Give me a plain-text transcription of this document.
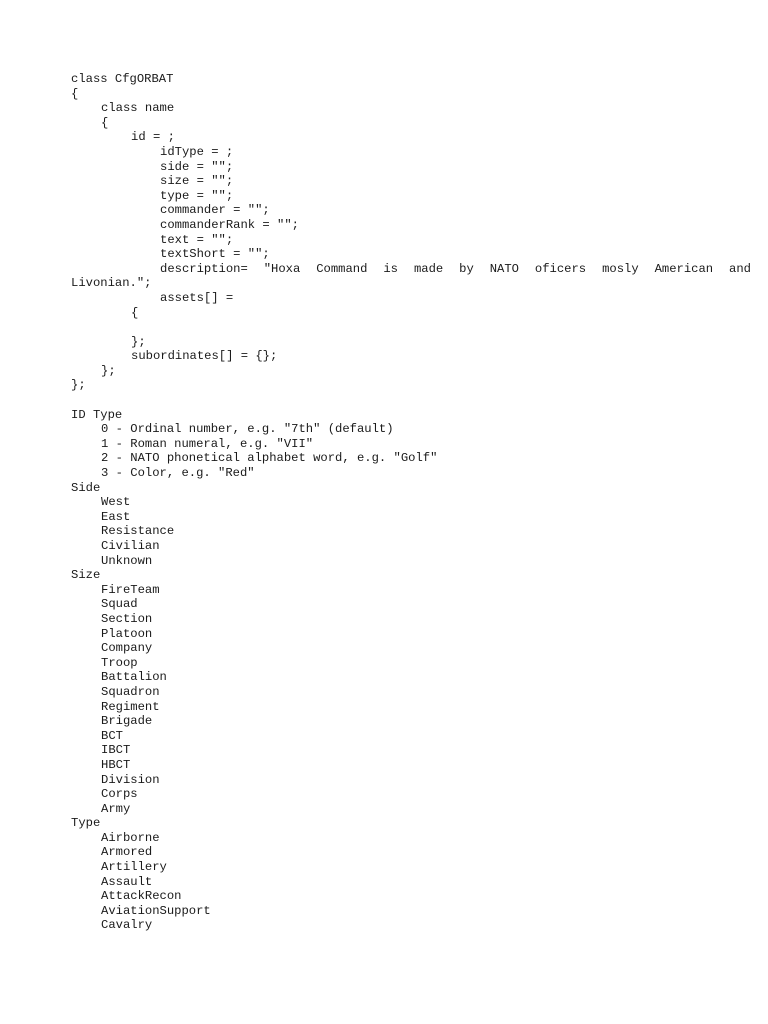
class CfgORBAT
{
class name
{
id = ;
idType = ;
side = "";
size = "";
type = "";
commander = "";
commanderRank = "";
text = "";
textShort = "";
description= "Hoxa Command is made by NATO oficers mosly American and Livonian.";
assets[] =
{
};
subordinates[] = {};
};
};
ID Type
0 - Ordinal number, e.g. "7th" (default)
1 - Roman numeral, e.g. "VII"
2 - NATO phonetical alphabet word, e.g. "Golf"
3 - Color, e.g. "Red"
Side
West
East
Resistance
Civilian
Unknown
Size
FireTeam
Squad
Section
Platoon
Company
Troop
Battalion
Squadron
Regiment
Brigade
BCT
IBCT
HBCT
Division
Corps
Army
Type
Airborne
Armored
Artillery
Assault
AttackRecon
AviationSupport
Cavalry
